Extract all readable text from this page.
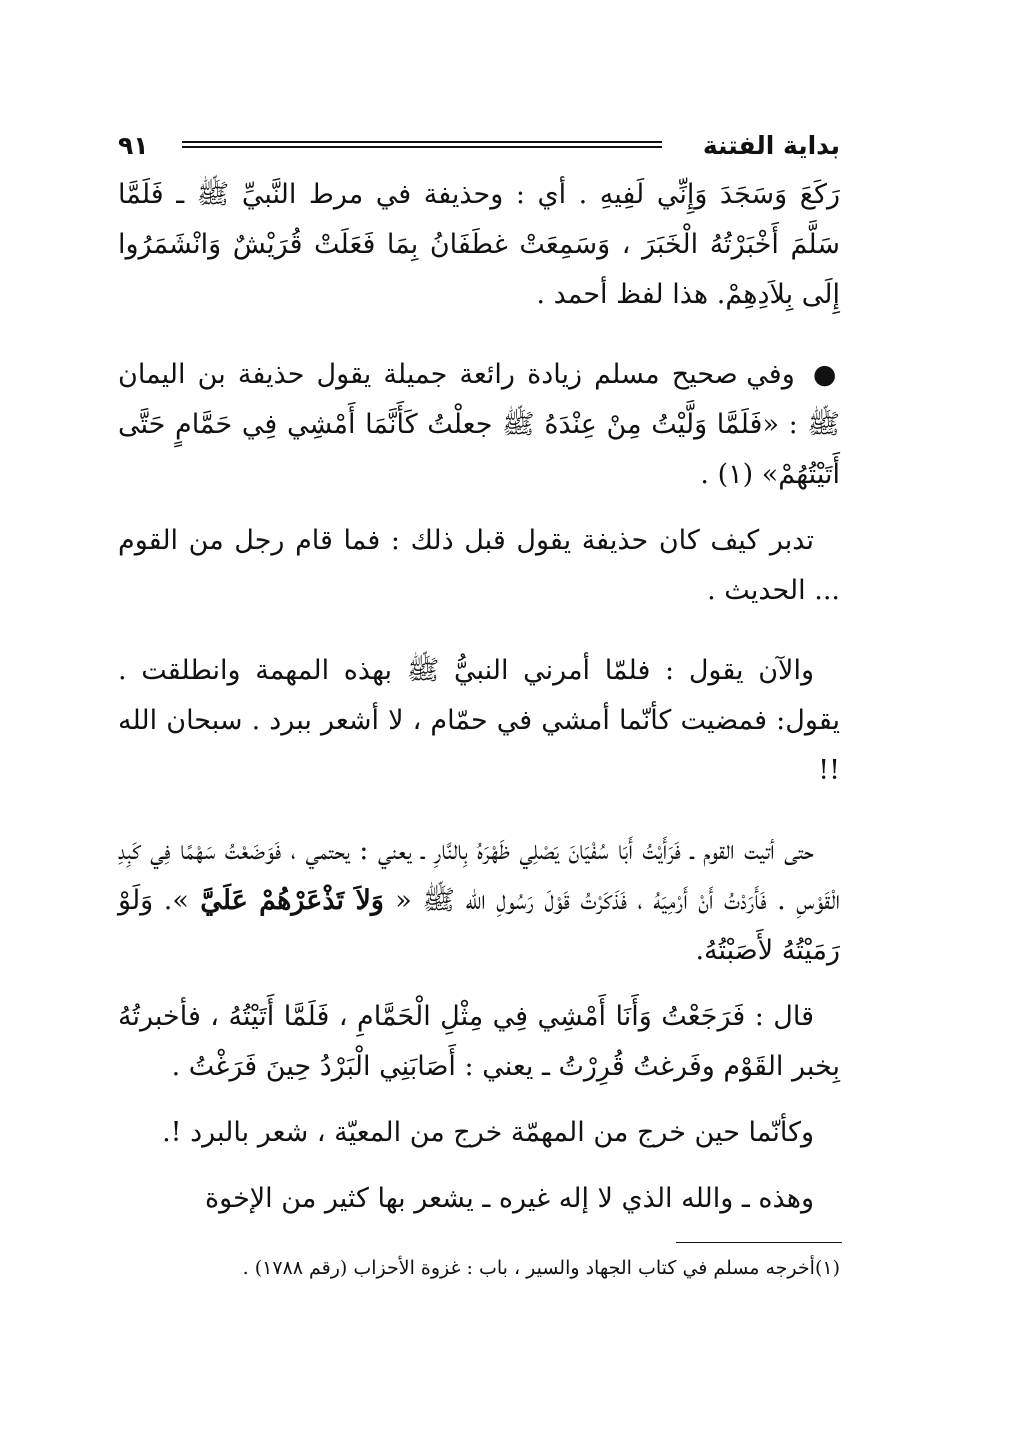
بداية الفتنة
٩١

رَكَعَ وَسَجَدَ وَإِنِّي لَفِيهِ . أي : وحذيفة في مرط النَّبيِّ ﷺ ـ فَلَمَّا سَلَّمَ أَخْبَرْتُهُ الْخَبَرَ ، وَسَمِعَتْ غطَفَانُ بِمَا فَعَلَتْ قُرَيْشٌ وَانْشَمَرُوا إِلَى بِلاَدِهِمْ. هذا لفظ أحمد .

● وفي صحيح مسلم زيادة رائعة جميلة يقول حذيفة بن اليمان ﷺ : «فَلَمَّا وَلَّيْتُ مِنْ عِنْدَهُ ﷺ جعلْتُ كَأَنَّمَا أَمْشِي فِي حَمَّامٍ حَتَّى أَتَيْتُهُمْ» (١) .

تدبر كيف كان حذيفة يقول قبل ذلك : فما قام رجل من القوم ... الحديث .

والآن يقول : فلمّا أمرني النبيُّ ﷺ بهذه المهمة وانطلقت . يقول: فمضيت كأنّما أمشي في حمّام ، لا أشعر ببرد . سبحان الله !!

حتى أتيت القوم ـ فَرَأَيْتُ أَبَا سُفْيَانَ يَصْلِي ظَهْرَهُ بِالنَّارِ ـ يعني : يحتمي ، فَوَضَعْتُ سَهْمًا فِي كَبِدِ الْقَوْسِ . فَأَرَدْتُ أَنْ أَرْمِيَهُ ، فَذَكَرْتُ قَوْلَ رَسُولِ الله ﷺ « وَلاَ تَذْعَرْهُمْ عَلَيَّ ». وَلَوْ رَمَيْتُهُ لأَصَبْتُهُ.

قال : فَرَجَعْتُ وَأَنَا أَمْشِي فِي مِثْلِ الْحَمَّامِ ، فَلَمَّا أَتَيْتُهُ ، فأخبرتُهُ بِخبر القَوْم وفَرغتُ قُرِرْتُ ـ يعني : أَصَابَنِي الْبَرْدُ حِينَ فَرَغْتُ .

وكأنّما حين خرج من المهمّة خرج من المعيّة ، شعر بالبرد !.

وهذه ـ والله الذي لا إله غيره ـ يشعر بها كثير من الإخوة

(١)أخرجه مسلم في كتاب الجهاد والسير ، باب : غزوة الأحزاب (رقم ١٧٨٨) .
